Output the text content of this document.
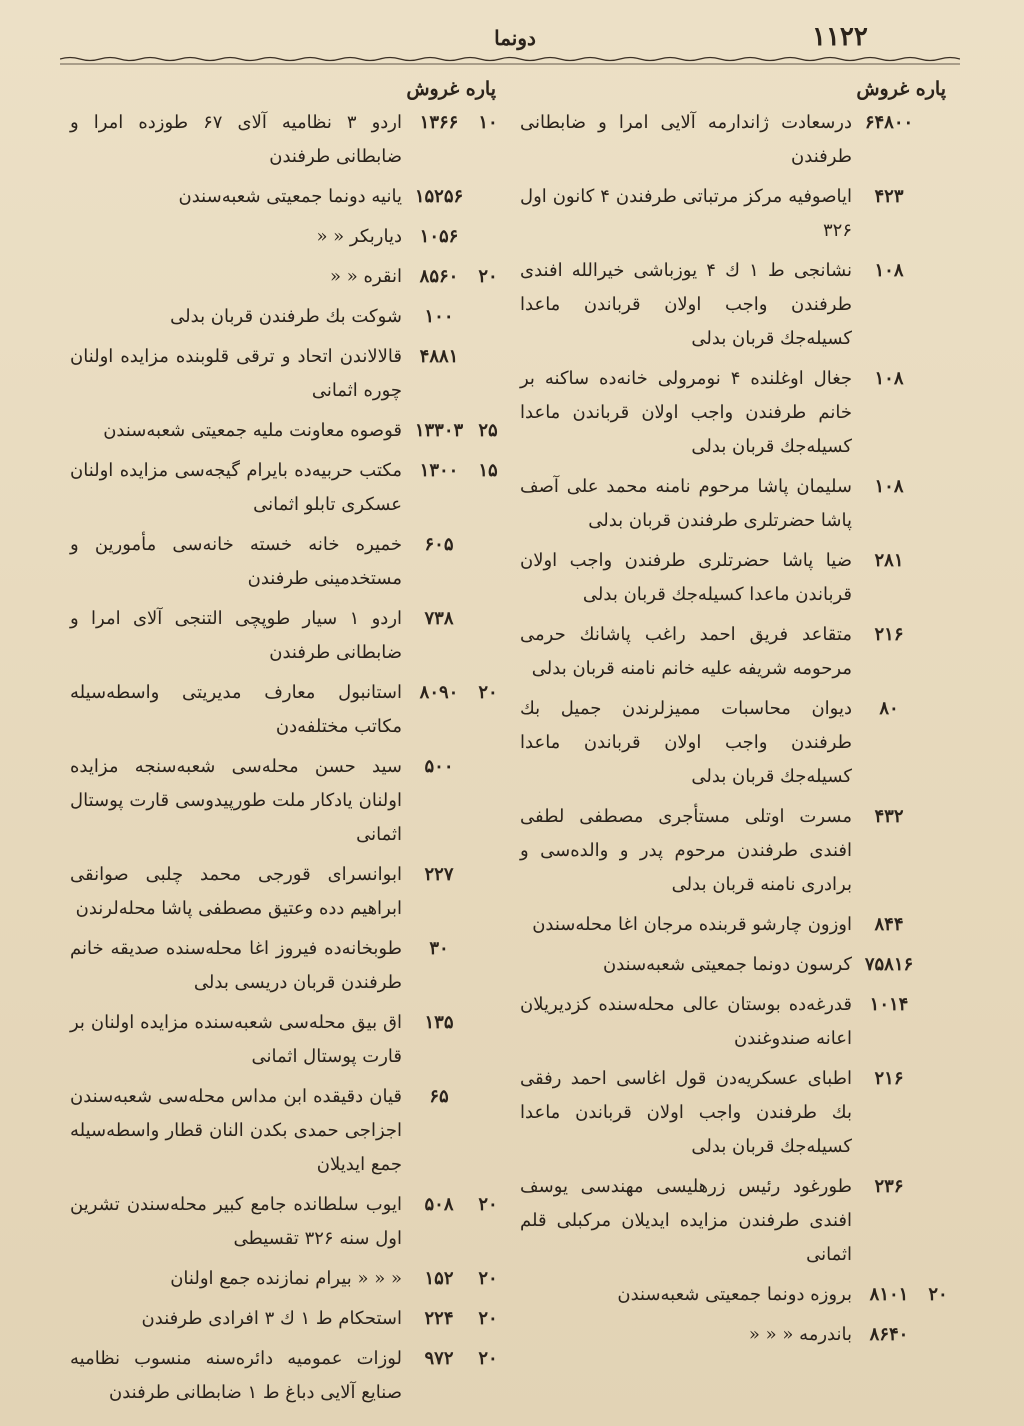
دونما	۱۱۲۲
پاره غروش
۶۴۸۰۰
درسعادت ژاندارمه آلایی امرا و ضابطانی طرفندن
۴۲۳
ایاصوفیه مرکز مرتباتی طرفندن ۴ کانون اول ۳۲۶
۱۰۸
نشانجی ط ۱ ك ۴ یوزباشی خیرالله افندی طرفندن واجب اولان قرباندن ماعدا کسیله‌جك قربان بدلی
۱۰۸
جغال اوغلنده ۴ نومرولی خانه‌ده ساکنه بر خانم طرفندن واجب اولان قرباندن ماعدا کسیله‌جك قربان بدلی
۱۰۸
سلیمان پاشا مرحوم نامنه محمد علی آصف پاشا حضرتلری طرفندن قربان بدلی
۲۸۱
ضیا پاشا حضرتلری طرفندن واجب اولان قرباندن ماعدا کسیله‌جك قربان بدلی
۲۱۶
متقاعد فریق احمد راغب پاشانك حرمی مرحومه شریفه علیه خانم نامنه قربان بدلی
۸۰
دیوان محاسبات ممیزلرندن جمیل بك طرفندن واجب اولان قرباندن ماعدا کسیله‌جك قربان بدلی
۴۳۲
مسرت اوتلی مستأجری مصطفی لطفی افندی طرفندن مرحوم پدر و والده‌سی و برادری نامنه قربان بدلی
۸۴۴
اوزون چارشو قربنده مرجان اغا محله‌سندن
۷۵۸۱۶
کرسون دونما جمعیتی شعبه‌سندن
۱۰۱۴
قدرغه‌ده بوستان عالی محله‌سنده کزدیریلان اعانه صندوغندن
۲۱۶
اطبای عسکریه‌دن قول اغاسی احمد رفقی بك طرفندن واجب اولان قرباندن ماعدا کسیله‌جك قربان بدلی
۲۳۶
طورغود رئیس زرهلیسی مهندسی یوسف افندی طرفندن مزایده ایدیلان مرکبلی قلم اثمانی
۲۰
۸۱۰۱
بروزه دونما جمعیتی شعبه‌سندن
۸۶۴۰
باندرمه « « «
پاره غروش
۱۰
۱۳۶۶
اردو ۳ نظامیه آلای ۶۷ طوزده امرا و ضابطانی طرفندن
۱۵۲۵۶
یانیه دونما جمعیتی شعبه‌سندن
۱۰۵۶
دیاربکر « «
۲۰
۸۵۶۰
انقره « «
۱۰۰
شوکت بك طرفندن قربان بدلی
۴۸۸۱
قالالاندن اتحاد و ترقی قلوبنده مزایده اولنان چوره اثمانی
۲۵
۱۳۳۰۳
قوصوه معاونت ملیه جمعیتی شعبه‌سندن
۱۵
۱۳۰۰
مکتب حربیه‌ده بایرام گیجه‌سی مزایده اولنان عسکری تابلو اثمانی
۶۰۵
خمیره خانه خسته خانه‌سی مأمورین و مستخدمینی طرفندن
۷۳۸
اردو ۱ سیار طوپچی التنجی آلای امرا و ضابطانی طرفندن
۲۰
۸۰۹۰
استانبول معارف مدیریتی واسطه‌سیله مکاتب مختلفه‌دن
۵۰۰
سید حسن محله‌سی شعبه‌سنجه مزایده اولنان یادکار ملت طورپیدوسی قارت پوستال اثمانی
۲۲۷
ابوانسرای قورجی محمد چلبی صوانقی ابراهیم دده وعتیق مصطفی پاشا محله‌لرندن
۳۰
طوبخانه‌ده فیروز اغا محله‌سنده صدیقه خانم طرفندن قربان دریسی بدلی
۱۳۵
اق بیق محله‌سی شعبه‌سنده مزایده اولنان بر قارت پوستال اثمانی
۶۵
قیان دقیقده ابن مداس محله‌سی شعبه‌سندن اجزاجی حمدی بکدن النان قطار واسطه‌سیله جمع ایدیلان
۲۰
۵۰۸
ایوب سلطانده جامع کبیر محله‌سندن تشرین اول سنه ۳۲۶ تقسیطی
۲۰
۱۵۲
« « « بیرام نمازنده جمع اولنان
۲۰
۲۲۴
استحکام ط ۱ ك ۳ افرادی طرفندن
۲۰
۹۷۲
لوزات عمومیه دائره‌سنه منسوب نظامیه صنایع آلایی دباغ ط ۱ ضابطانی طرفندن
